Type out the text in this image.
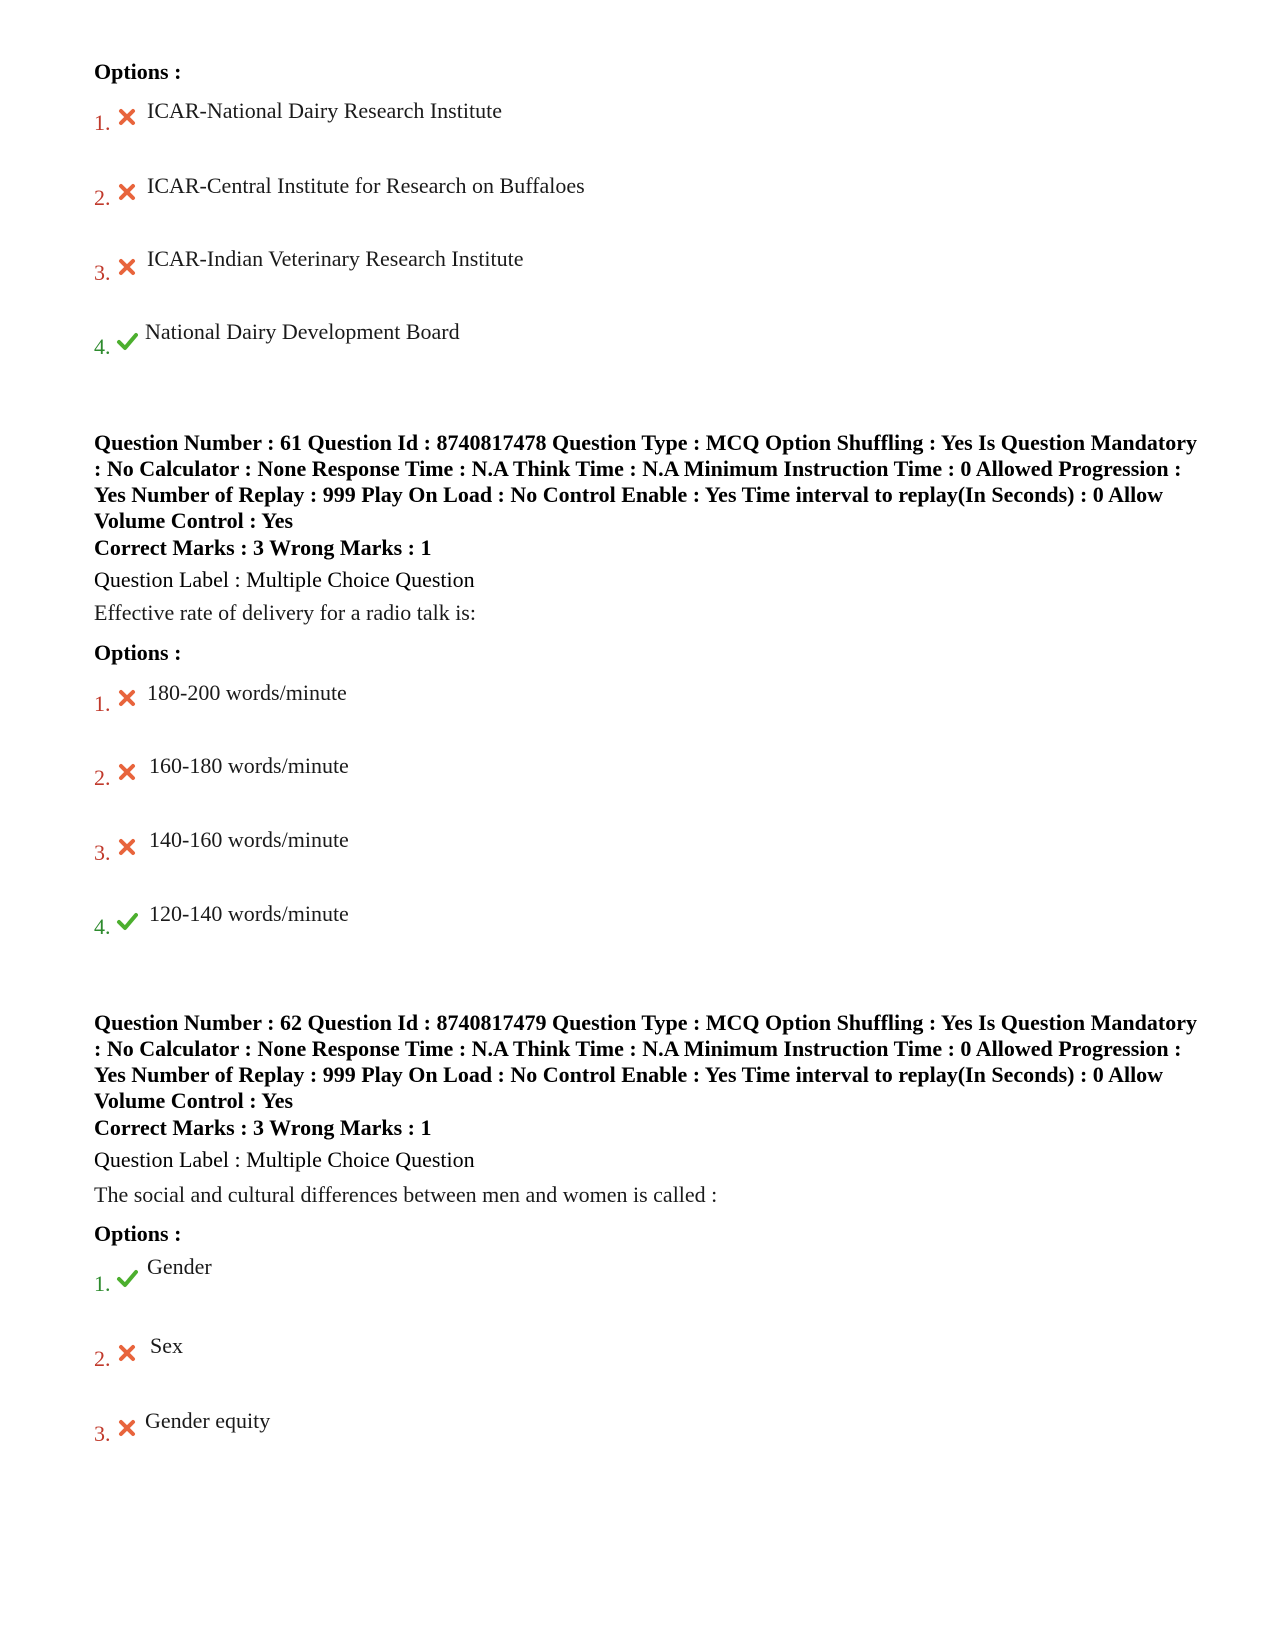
Options :
1. ICAR-National Dairy Research Institute
2. ICAR-Central Institute for Research on Buffaloes
3.
ICAR-Indian Veterinary Research Institute
4.
National Dairy Development Board
Question Number : 61 Question Id : 8740817478 Question Type : MCQ Option Shuffling : Yes Is Question Mandatory : No Calculator : None Response Time : N.A Think Time : N.A Minimum Instruction Time : 0 Allowed Progression : Yes Number of Replay : 999 Play On Load : No Control Enable : Yes Time interval to replay(In Seconds) : 0 Allow Volume Control : Yes
Correct Marks : 3 Wrong Marks : 1
Question Label : Multiple Choice Question
Effective rate of delivery for a radio talk is:
Options :
1. 180-200 words/minute
2. 160-180 words/minute
3.
140-160 words/minute
4.
120-140 words/minute
Question Number : 62 Question Id : 8740817479 Question Type : MCQ Option Shuffling : Yes Is Question Mandatory : No Calculator : None Response Time : N.A Think Time : N.A Minimum Instruction Time : 0 Allowed Progression : Yes Number of Replay : 999 Play On Load : No Control Enable : Yes Time interval to replay(In Seconds) : 0 Allow Volume Control : Yes
Correct Marks : 3 Wrong Marks : 1
Question Label : Multiple Choice Question
The social and cultural differences between men and women is called :
Options :
1.
Gender
2.
Sex
3.
Gender equity
